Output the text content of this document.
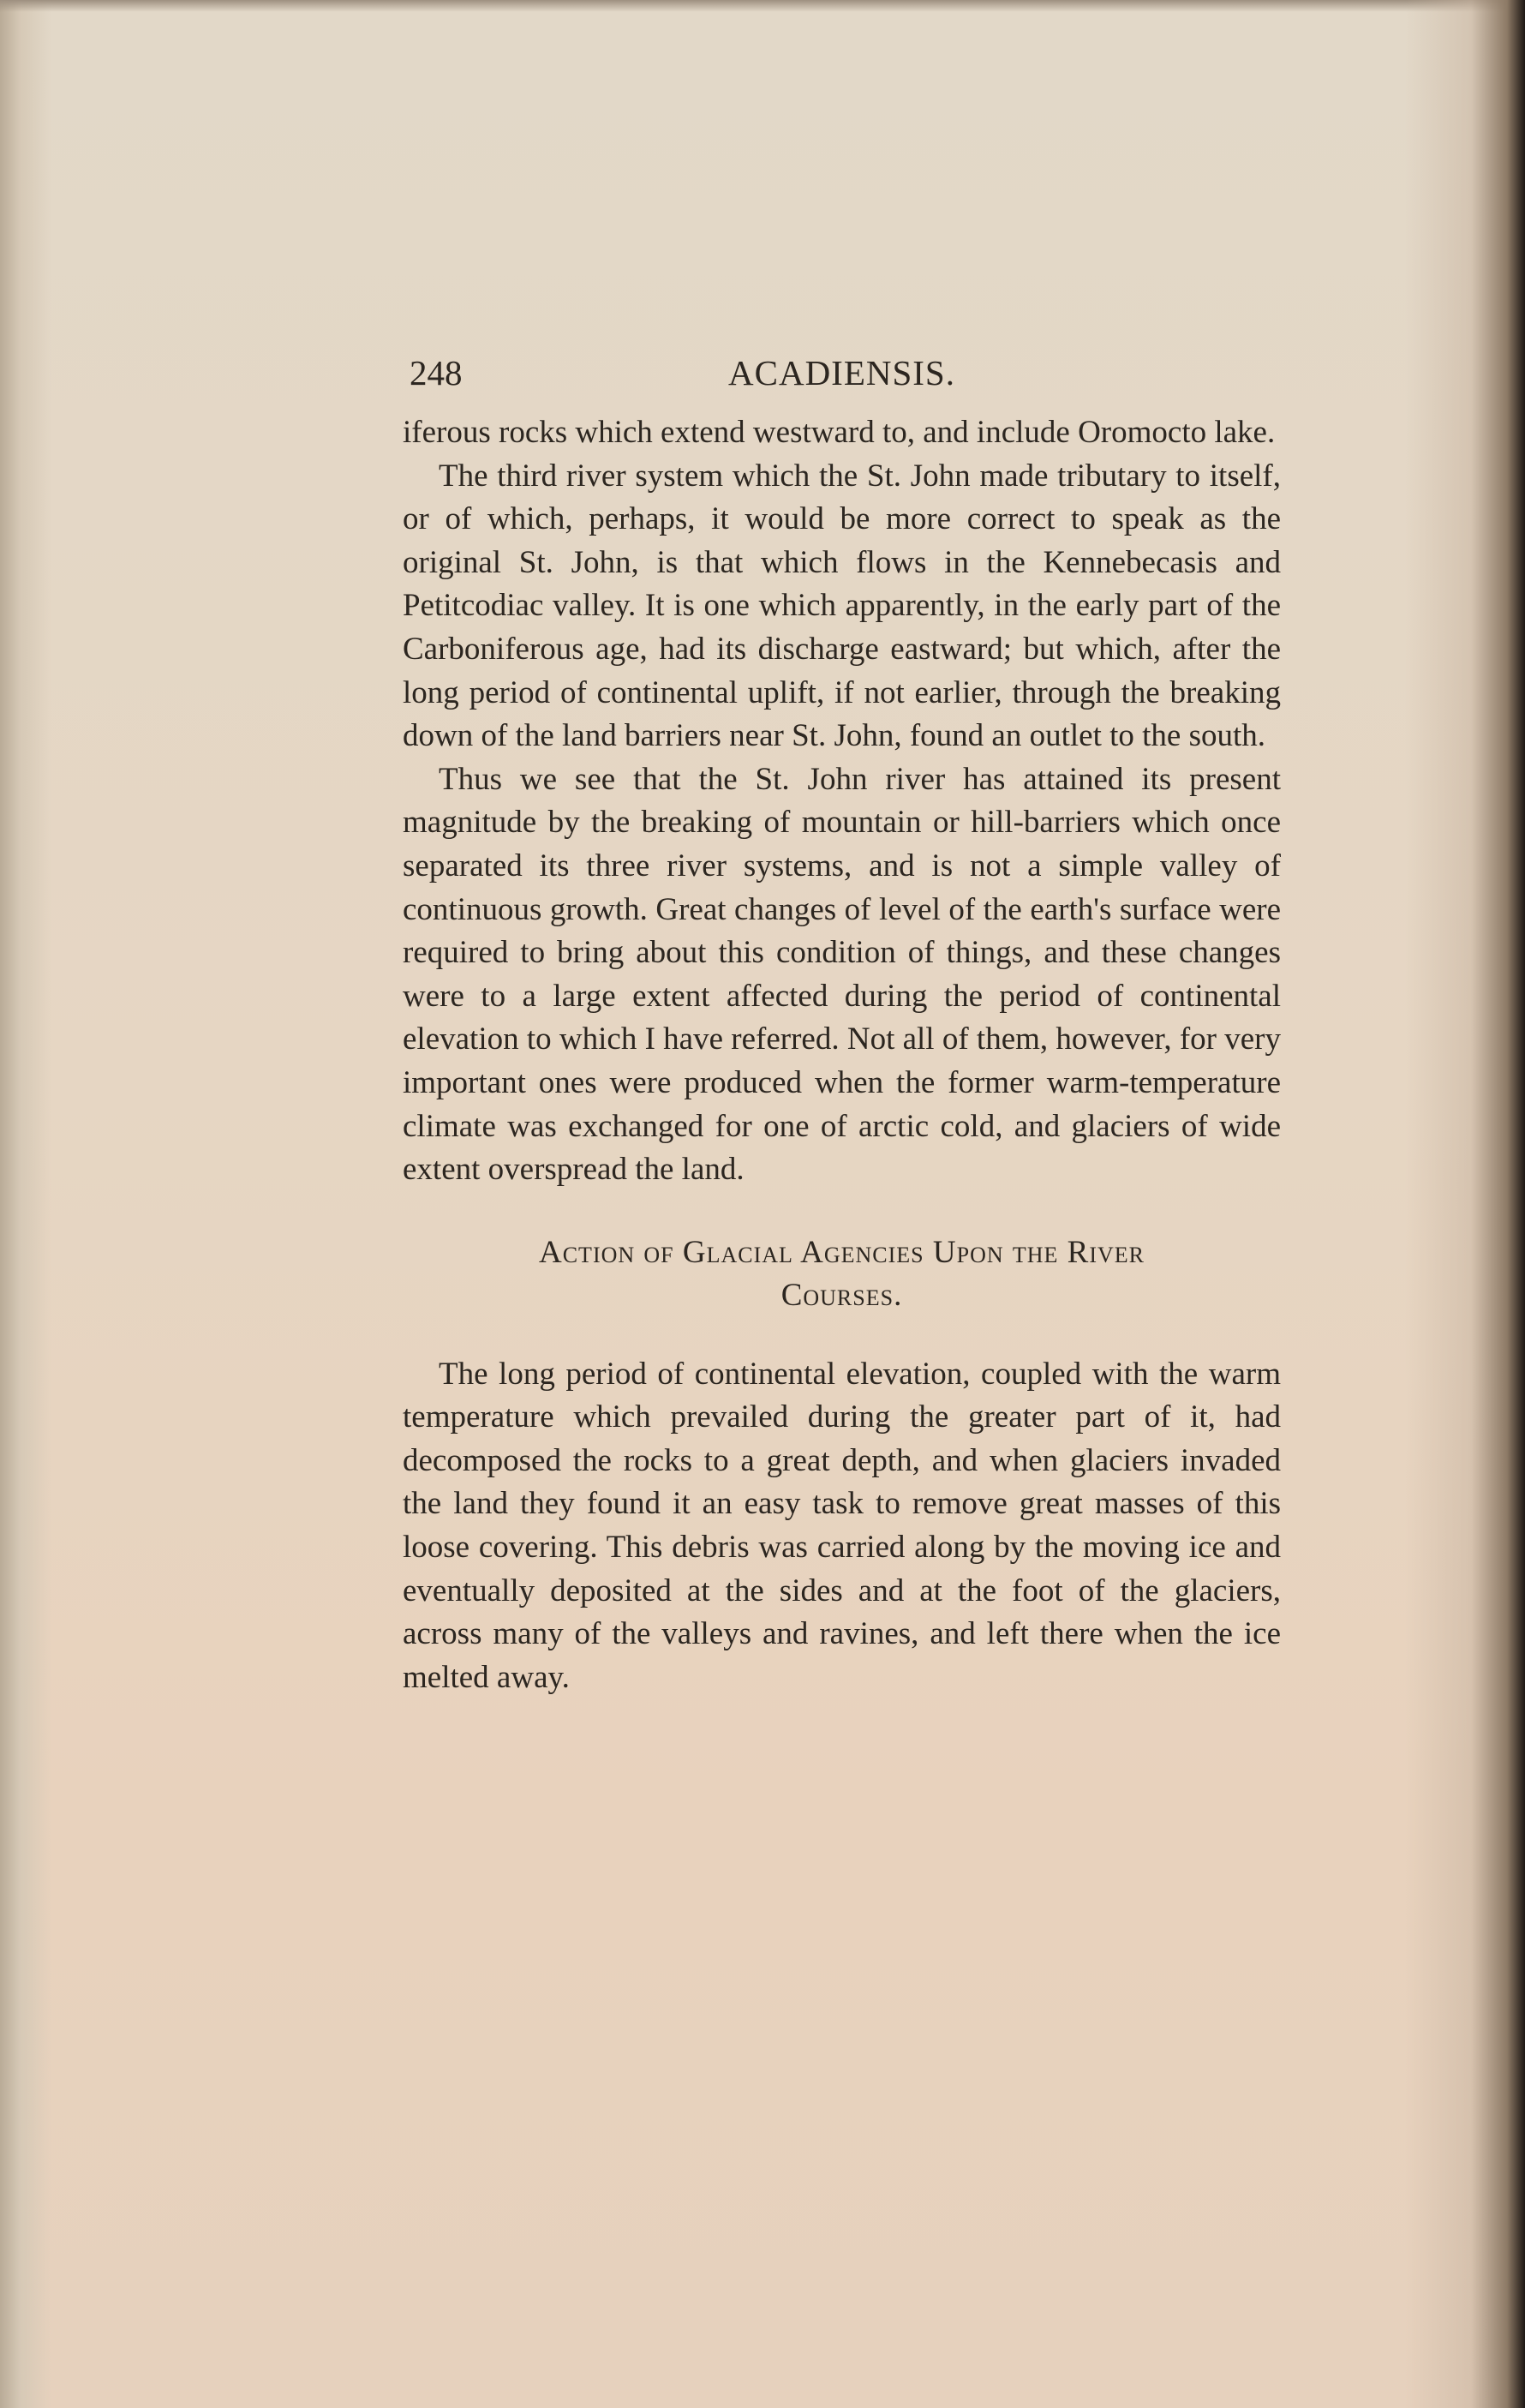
248	ACADIENSIS.

iferous rocks which extend westward to, and include Oromocto lake.

The third river system which the St. John made tributary to itself, or of which, perhaps, it would be more correct to speak as the original St. John, is that which flows in the Kennebecasis and Petitcodiac valley. It is one which apparently, in the early part of the Carboniferous age, had its discharge eastward; but which, after the long period of continental uplift, if not earlier, through the breaking down of the land barriers near St. John, found an outlet to the south.

Thus we see that the St. John river has attained its present magnitude by the breaking of mountain or hill-barriers which once separated its three river systems, and is not a simple valley of continuous growth. Great changes of level of the earth's surface were required to bring about this condition of things, and these changes were to a large extent affected during the period of continental elevation to which I have referred. Not all of them, however, for very important ones were produced when the former warm-temperature climate was exchanged for one of arctic cold, and glaciers of wide extent overspread the land.

Action of Glacial Agencies Upon the River
Courses.

The long period of continental elevation, coupled with the warm temperature which prevailed during the greater part of it, had decomposed the rocks to a great depth, and when glaciers invaded the land they found it an easy task to remove great masses of this loose covering. This debris was carried along by the moving ice and eventually deposited at the sides and at the foot of the glaciers, across many of the valleys and ravines, and left there when the ice melted away.
